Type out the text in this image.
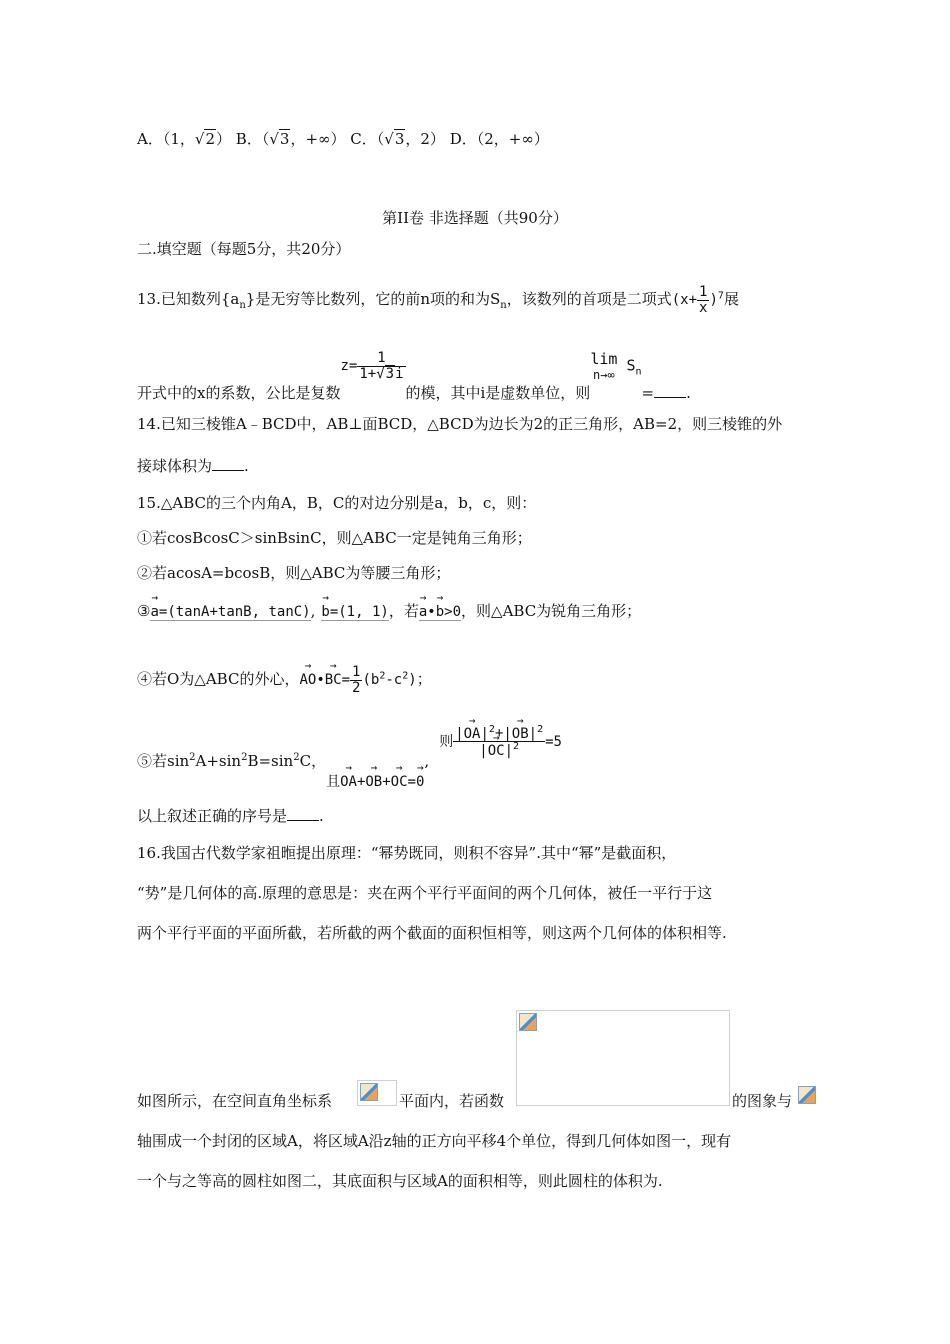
A．（1，√2） B．（√3，+∞） C．（√3，2） D．（2，+∞）
第II卷 非选择题（共90分）
二.填空题（每题5分，共20分）
13.已知数列$\{a_n\}$是无穷等比数列，它的前n项的和为$S_n$，该数列的首项是二项式$(x+ \frac{1}{x} )^7$展
开式中的x的系数，公比是复数$z= \frac{1}{1+√3i}$
的模，其中i是虚数单位，则
lim
n→∞
$S_n=$ .
14.已知三棱锥A﹣BCD中，AB⊥面BCD，△BCD为边长为2的正三角形，AB=2，则三棱锥的外
接球体积为 .
15.△ABC的三个内角A，B，C的对边分别是a，b，c，则：
①若cosBcosC＞sinBsinC，则△ABC一定是钝角三角形；
②若acosA=bcosB，则△ABC为等腰三角形；
③→ a=(tanA+tanB, tanC), → b=(1, 1)，若→ a•→ b>0，则△ABC为锐角三角形；
④若O为△ABC的外心，→ AO•→ $BC= \frac{1}{2} (b^2-c^2)$；
⑤若$\sin^2A+\sin^2B=\sin^2C$，且→ OA+→ OB+→ OC=→ 0,则 → $|OA|^2+\to |OB|^2$
→ $|OC|^2 =5$
以上叙述正确的序号是 .
16.我国古代数学家祖暅提出原理：“幂势既同，则积不容异”.其中“幂”是截面积，
“势”是几何体的高.原理的意思是：夹在两个平行平面间的两个几何体，被任一平行于这
两个平行平面的平面所截，若所截的两个截面的面积恒相等，则这两个几何体的体积相等.
如图所示，在空间直角坐标系	平面内，若函数	的图象与
轴围成一个封闭的区域A，将区域A沿z轴的正方向平移4个单位，得到几何体如图一，现有
一个与之等高的圆柱如图二，其底面积与区域A的面积相等，则此圆柱的体积为.
